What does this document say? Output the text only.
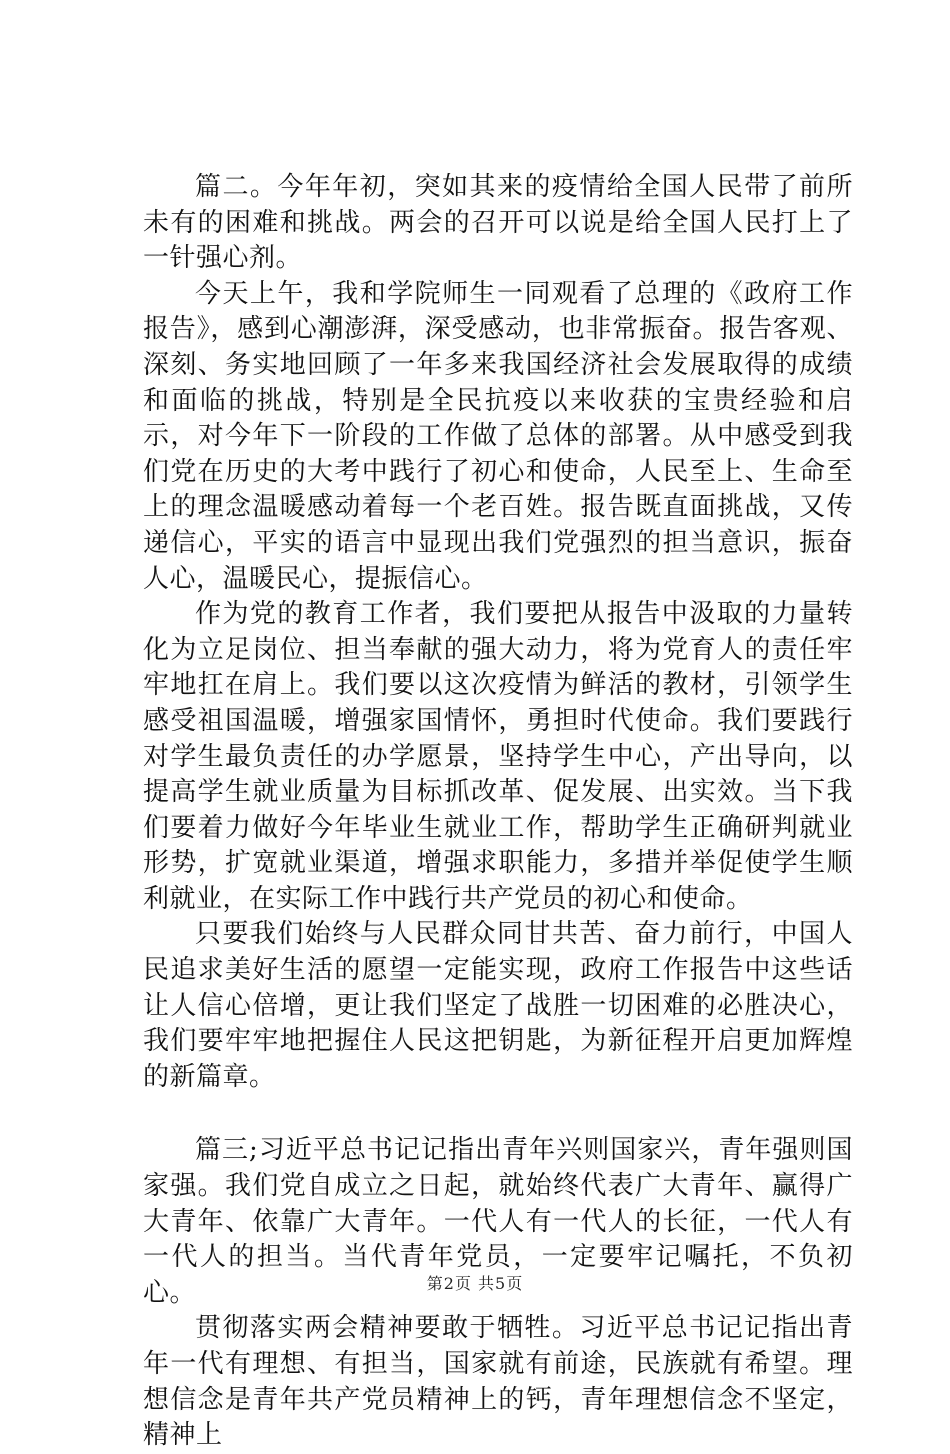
篇二。今年年初，突如其来的疫情给全国人民带了前所未有的困难和挑战。两会的召开可以说是给全国人民打上了一针强心剂。

今天上午，我和学院师生一同观看了总理的《政府工作报告》，感到心潮澎湃，深受感动，也非常振奋。报告客观、深刻、务实地回顾了一年多来我国经济社会发展取得的成绩和面临的挑战，特别是全民抗疫以来收获的宝贵经验和启示，对今年下一阶段的工作做了总体的部署。从中感受到我们党在历史的大考中践行了初心和使命，人民至上、生命至上的理念温暖感动着每一个老百姓。报告既直面挑战，又传递信心，平实的语言中显现出我们党强烈的担当意识，振奋人心，温暖民心，提振信心。

作为党的教育工作者，我们要把从报告中汲取的力量转化为立足岗位、担当奉献的强大动力，将为党育人的责任牢牢地扛在肩上。我们要以这次疫情为鲜活的教材，引领学生感受祖国温暖，增强家国情怀，勇担时代使命。我们要践行对学生最负责任的办学愿景，坚持学生中心，产出导向，以提高学生就业质量为目标抓改革、促发展、出实效。当下我们要着力做好今年毕业生就业工作，帮助学生正确研判就业形势，扩宽就业渠道，增强求职能力，多措并举促使学生顺利就业，在实际工作中践行共产党员的初心和使命。

只要我们始终与人民群众同甘共苦、奋力前行，中国人民追求美好生活的愿望一定能实现，政府工作报告中这些话让人信心倍增，更让我们坚定了战胜一切困难的必胜决心，我们要牢牢地把握住人民这把钥匙，为新征程开启更加辉煌的新篇章。

篇三;习近平总书记记指出青年兴则国家兴，青年强则国家强。我们党自成立之日起，就始终代表广大青年、赢得广大青年、依靠广大青年。一代人有一代人的长征，一代人有一代人的担当。当代青年党员，一定要牢记嘱托，不负初心。

贯彻落实两会精神要敢于牺牲。习近平总书记记指出青年一代有理想、有担当，国家就有前途，民族就有希望。理想信念是青年共产党员精神上的钙，青年理想信念不坚定，精神上

第2页 共5页
